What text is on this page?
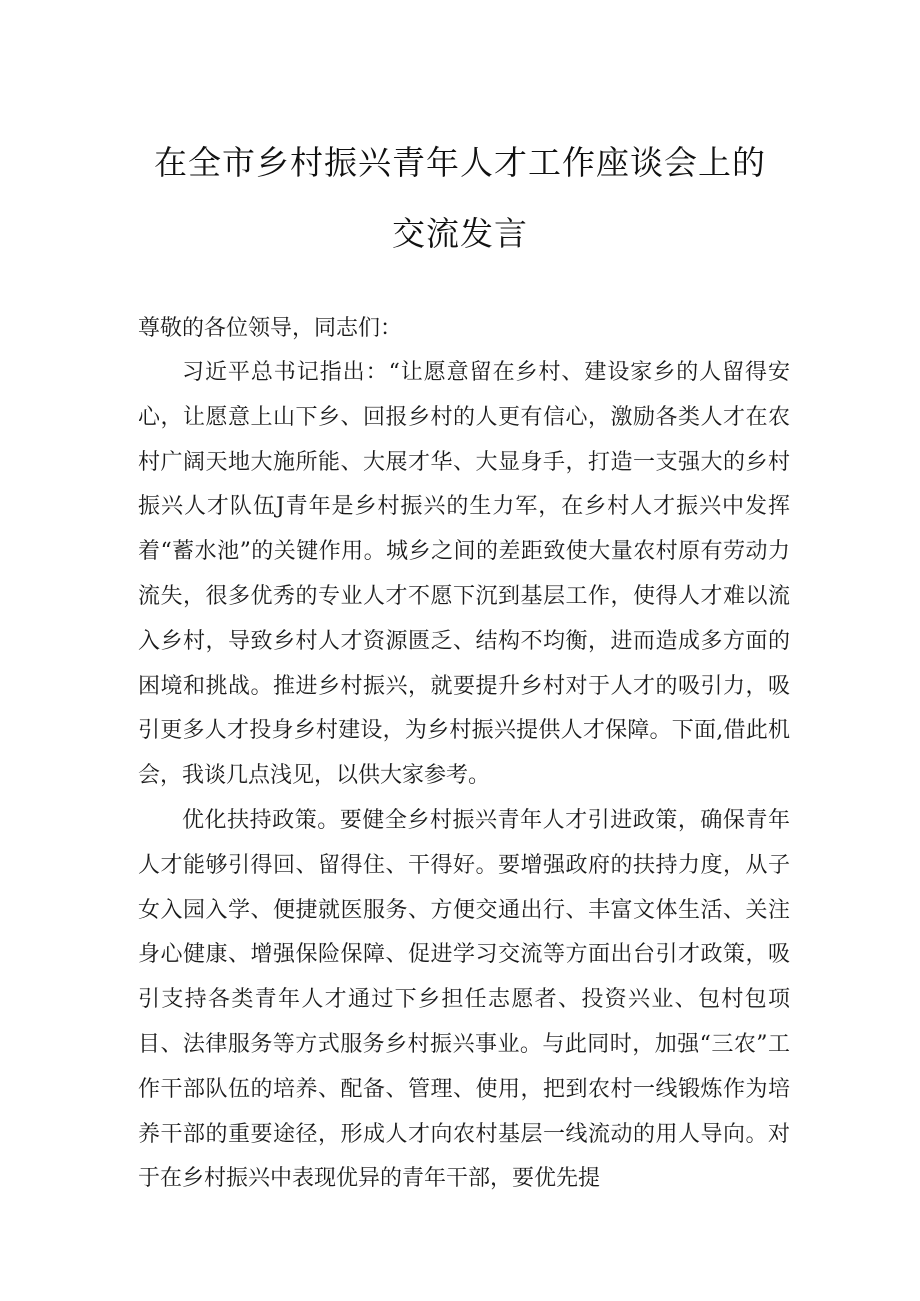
在全市乡村振兴青年人才工作座谈会上的
交流发言

尊敬的各位领导，同志们：

习近平总书记指出：“让愿意留在乡村、建设家乡的人留得安心，让愿意上山下乡、回报乡村的人更有信心，激励各类人才在农村广阔天地大施所能、大展才华、大显身手，打造一支强大的乡村振兴人才队伍J青年是乡村振兴的生力军，在乡村人才振兴中发挥着“蓄水池”的关键作用。城乡之间的差距致使大量农村原有劳动力流失，很多优秀的专业人才不愿下沉到基层工作，使得人才难以流入乡村，导致乡村人才资源匮乏、结构不均衡，进而造成多方面的困境和挑战。推进乡村振兴，就要提升乡村对于人才的吸引力，吸引更多人才投身乡村建设，为乡村振兴提供人才保障。下面,借此机会，我谈几点浅见，以供大家参考。

优化扶持政策。要健全乡村振兴青年人才引进政策，确保青年人才能够引得回、留得住、干得好。要增强政府的扶持力度，从子女入园入学、便捷就医服务、方便交通出行、丰富文体生活、关注身心健康、增强保险保障、促进学习交流等方面出台引才政策，吸引支持各类青年人才通过下乡担任志愿者、投资兴业、包村包项目、法律服务等方式服务乡村振兴事业。与此同时，加强“三农”工作干部队伍的培养、配备、管理、使用，把到农村一线锻炼作为培养干部的重要途径，形成人才向农村基层一线流动的用人导向。对于在乡村振兴中表现优异的青年干部，要优先提
